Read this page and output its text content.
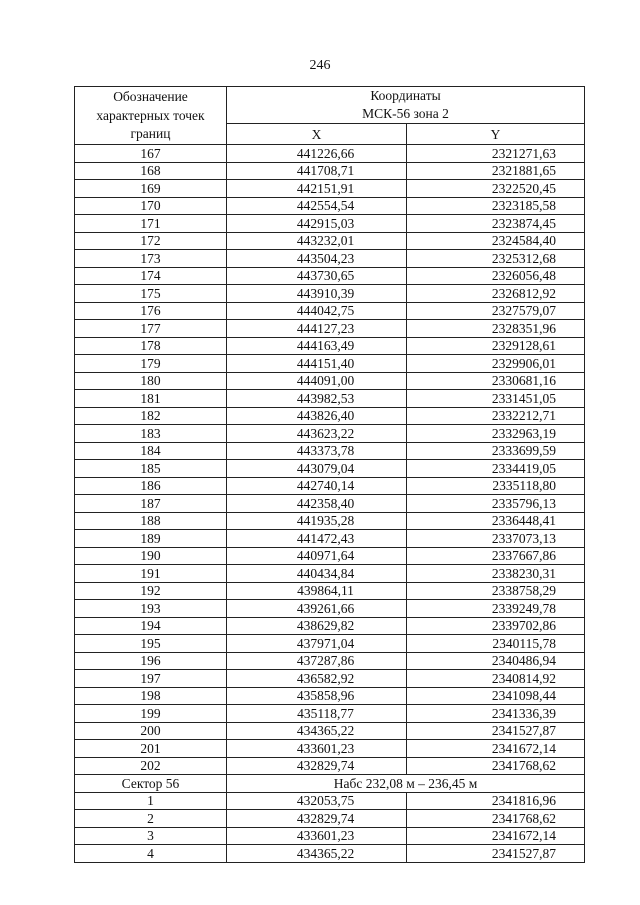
246
Обозначение
характерных точек
границ	Координаты
МСК-56 зона 2	
	X	Y
167	441226,66	2321271,63
168	441708,71	2321881,65
169	442151,91	2322520,45
170	442554,54	2323185,58
171	442915,03	2323874,45
172	443232,01	2324584,40
173	443504,23	2325312,68
174	443730,65	2326056,48
175	443910,39	2326812,92
176	444042,75	2327579,07
177	444127,23	2328351,96
178	444163,49	2329128,61
179	444151,40	2329906,01
180	444091,00	2330681,16
181	443982,53	2331451,05
182	443826,40	2332212,71
183	443623,22	2332963,19
184	443373,78	2333699,59
185	443079,04	2334419,05
186	442740,14	2335118,80
187	442358,40	2335796,13
188	441935,28	2336448,41
189	441472,43	2337073,13
190	440971,64	2337667,86
191	440434,84	2338230,31
192	439864,11	2338758,29
193	439261,66	2339249,78
194	438629,82	2339702,86
195	437971,04	2340115,78
196	437287,86	2340486,94
197	436582,92	2340814,92
198	435858,96	2341098,44
199	435118,77	2341336,39
200	434365,22	2341527,87
201	433601,23	2341672,14
202	432829,74	2341768,62
Сектор 56	Набс 232,08 м – 236,45 м	
1	432053,75	2341816,96
2	432829,74	2341768,62
3	433601,23	2341672,14
4	434365,22	2341527,87
